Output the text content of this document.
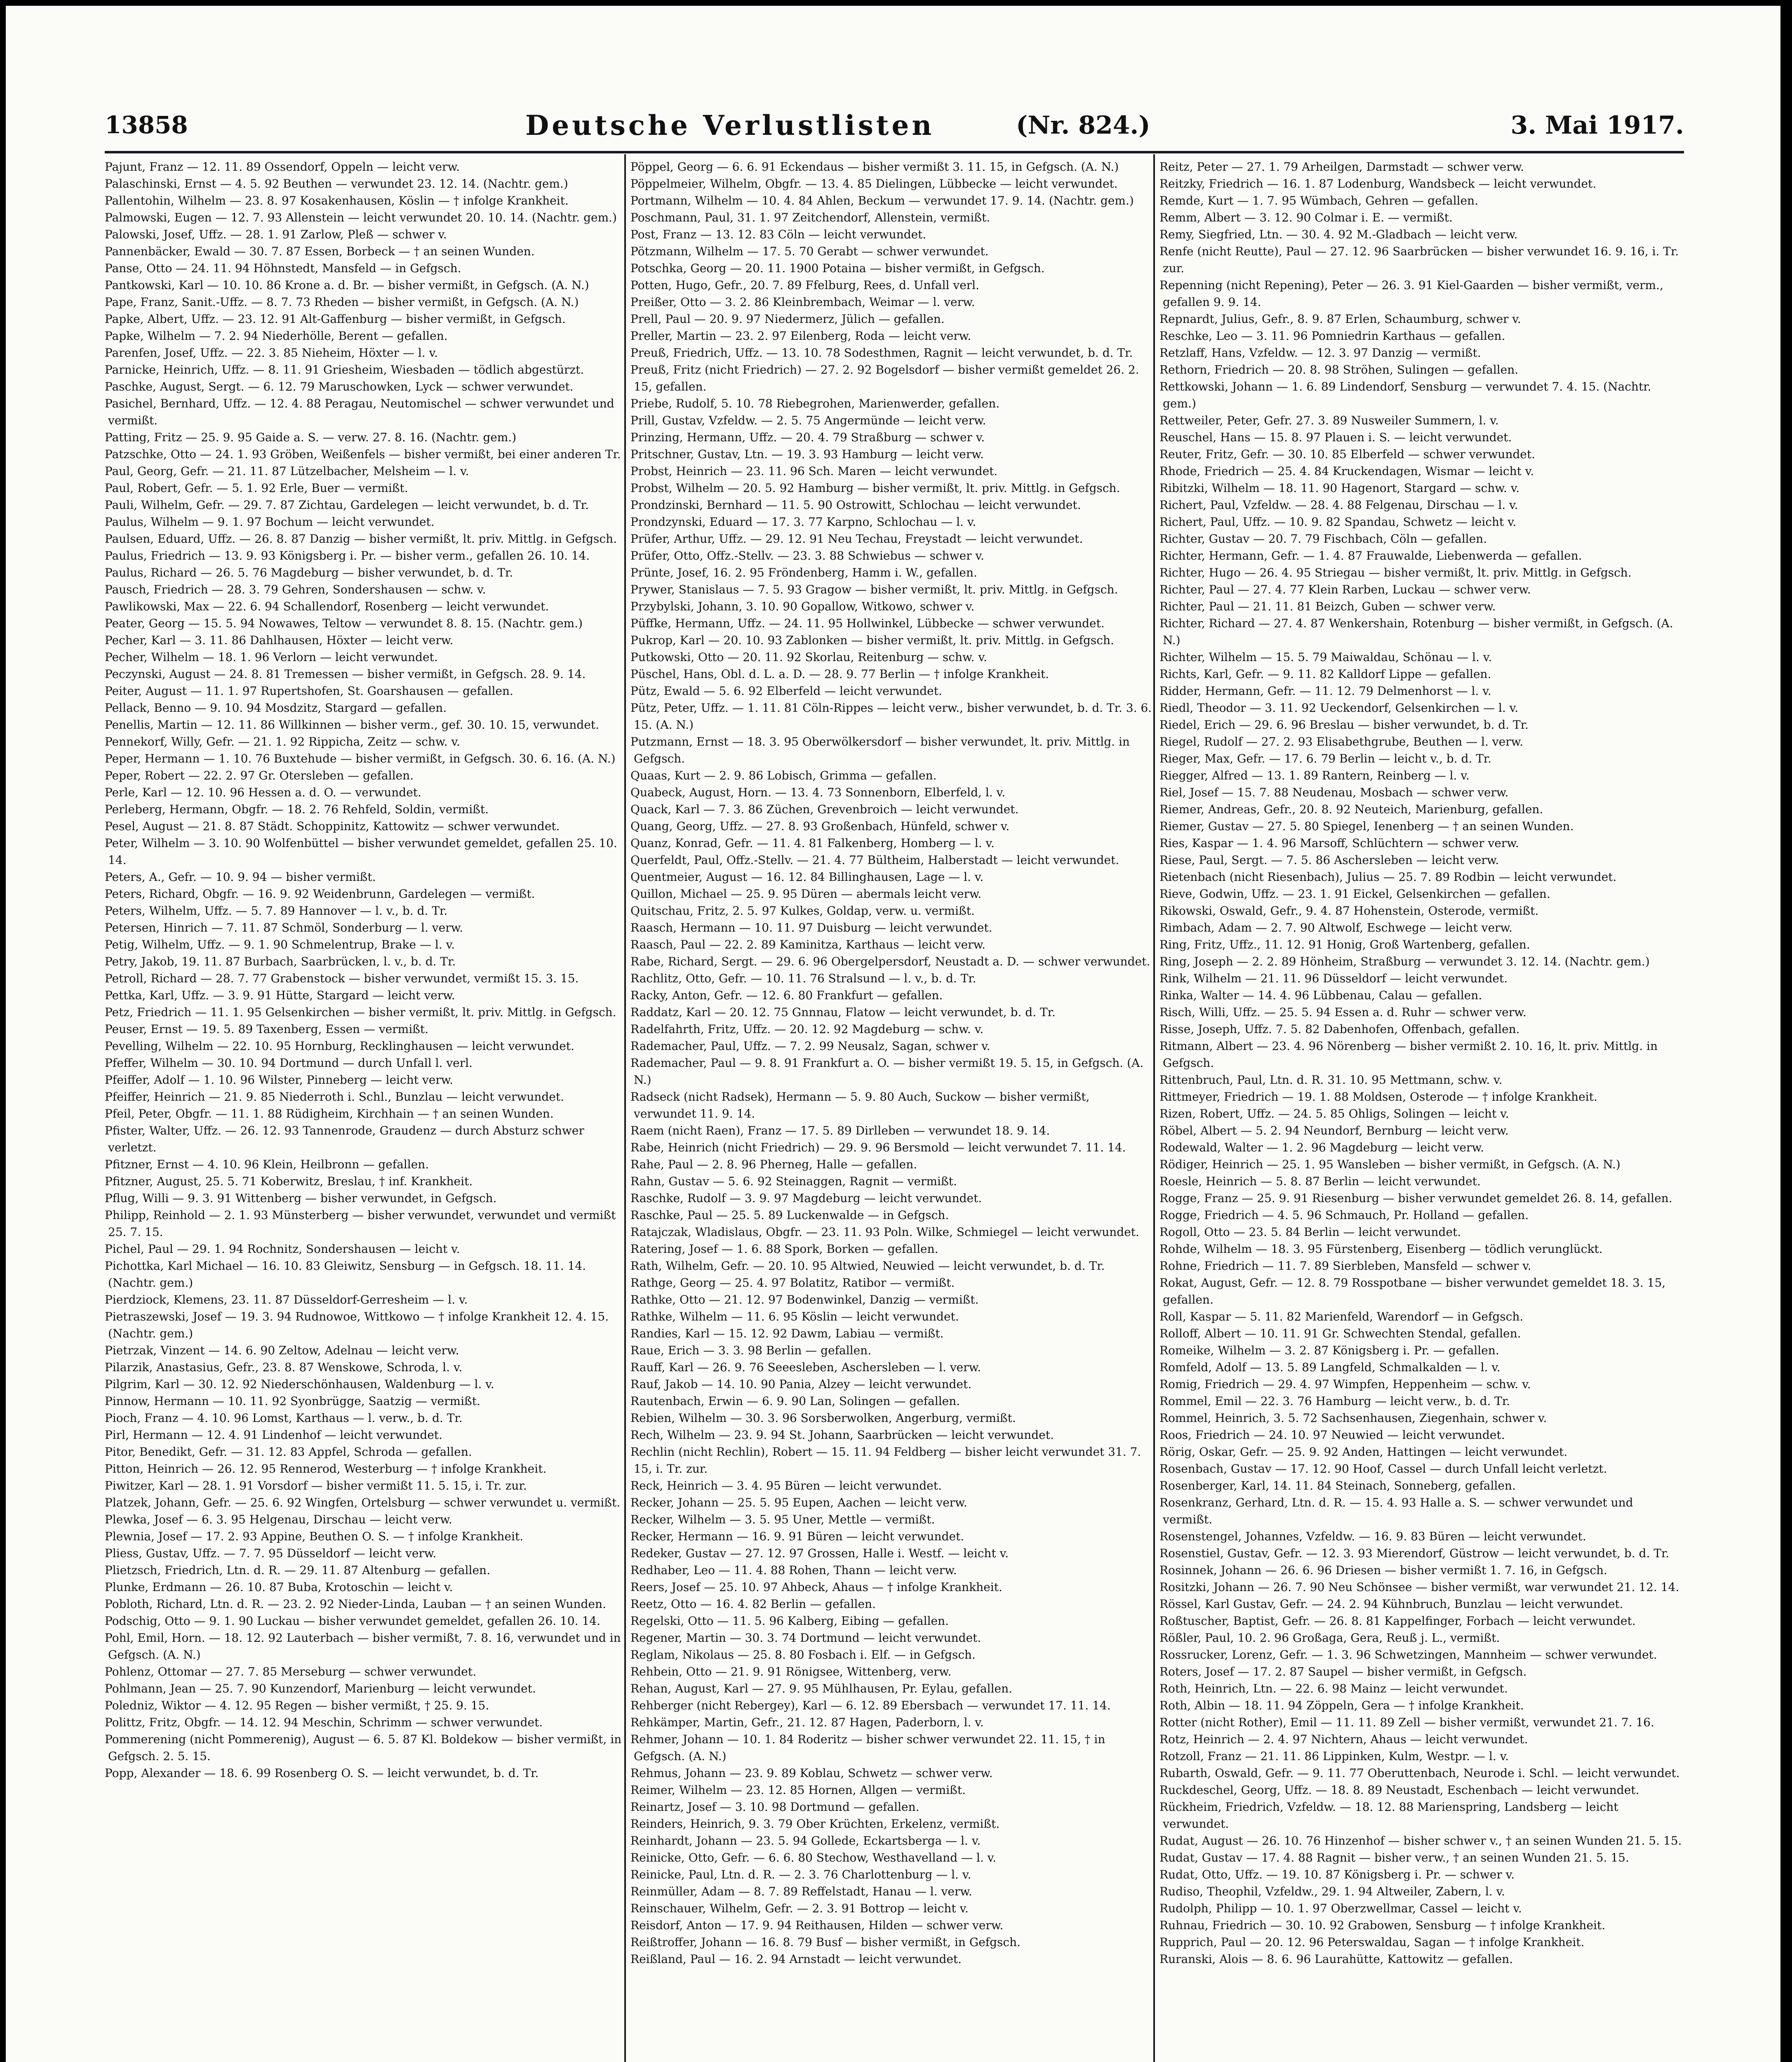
13858	Deutsche Verlustlisten	(Nr. 824.)	3. Mai 1917.

Pajunt, Franz — 12. 11. 89 Ossendorf, Oppeln — leicht verw.

Palaschinski, Ernst — 4. 5. 92 Beuthen — verwundet 23. 12. 14. (Nachtr. gem.)

Pallentohin, Wilhelm — 23. 8. 97 Kosakenhausen, Köslin — † infolge Krankheit.

Palmowski, Eugen — 12. 7. 93 Allenstein — leicht verwundet 20. 10. 14. (Nachtr. gem.)

Palowski, Josef, Uffz. — 28. 1. 91 Zarlow, Pleß — schwer v.

Pannenbäcker, Ewald — 30. 7. 87 Essen, Borbeck — † an seinen Wunden.

Panse, Otto — 24. 11. 94 Höhnstedt, Mansfeld — in Gefgsch.

Pantkowski, Karl — 10. 10. 86 Krone a. d. Br. — bisher vermißt, in Gefgsch. (A. N.)

Pape, Franz, Sanit.-Uffz. — 8. 7. 73 Rheden — bisher vermißt, in Gefgsch. (A. N.)

Papke, Albert, Uffz. — 23. 12. 91 Alt-Gaffenburg — bisher vermißt, in Gefgsch.

Papke, Wilhelm — 7. 2. 94 Niederhölle, Berent — gefallen.

Parenfen, Josef, Uffz. — 22. 3. 85 Nieheim, Höxter — l. v.

Parnicke, Heinrich, Uffz. — 8. 11. 91 Griesheim, Wiesbaden — tödlich abgestürzt.

Paschke, August, Sergt. — 6. 12. 79 Maruschowken, Lyck — schwer verwundet.

Pasichel, Bernhard, Uffz. — 12. 4. 88 Peragau, Neutomischel — schwer verwundet und vermißt.

Patting, Fritz — 25. 9. 95 Gaide a. S. — verw. 27. 8. 16. (Nachtr. gem.)

Patzschke, Otto — 24. 1. 93 Gröben, Weißenfels — bisher vermißt, bei einer anderen Tr.

Paul, Georg, Gefr. — 21. 11. 87 Lützelbacher, Melsheim — l. v.

Paul, Robert, Gefr. — 5. 1. 92 Erle, Buer — vermißt.

Pauli, Wilhelm, Gefr. — 29. 7. 87 Zichtau, Gardelegen — leicht verwundet, b. d. Tr.

Paulus, Wilhelm — 9. 1. 97 Bochum — leicht verwundet.

Paulsen, Eduard, Uffz. — 26. 8. 87 Danzig — bisher vermißt, lt. priv. Mittlg. in Gefgsch.

Paulus, Friedrich — 13. 9. 93 Königsberg i. Pr. — bisher verm., gefallen 26. 10. 14.

Paulus, Richard — 26. 5. 76 Magdeburg — bisher verwundet, b. d. Tr.

Pausch, Friedrich — 28. 3. 79 Gehren, Sondershausen — schw. v.

Pawlikowski, Max — 22. 6. 94 Schallendorf, Rosenberg — leicht verwundet.

Peater, Georg — 15. 5. 94 Nowawes, Teltow — verwundet 8. 8. 15. (Nachtr. gem.)

Pecher, Karl — 3. 11. 86 Dahlhausen, Höxter — leicht verw.

Pecher, Wilhelm — 18. 1. 96 Verlorn — leicht verwundet.

Peczynski, August — 24. 8. 81 Tremessen — bisher vermißt, in Gefgsch. 28. 9. 14.

Peiter, August — 11. 1. 97 Rupertshofen, St. Goarshausen — gefallen.

Pellack, Benno — 9. 10. 94 Mosdzitz, Stargard — gefallen.

Penellis, Martin — 12. 11. 86 Willkinnen — bisher verm., gef. 30. 10. 15, verwundet.

Pennekorf, Willy, Gefr. — 21. 1. 92 Rippicha, Zeitz — schw. v.

Peper, Hermann — 1. 10. 76 Buxtehude — bisher vermißt, in Gefgsch. 30. 6. 16. (A. N.)

Peper, Robert — 22. 2. 97 Gr. Otersleben — gefallen.

Perle, Karl — 12. 10. 96 Hessen a. d. O. — verwundet.

Perleberg, Hermann, Obgfr. — 18. 2. 76 Rehfeld, Soldin, vermißt.

Pesel, August — 21. 8. 87 Städt. Schoppinitz, Kattowitz — schwer verwundet.

Peter, Wilhelm — 3. 10. 90 Wolfenbüttel — bisher verwundet gemeldet, gefallen 25. 10. 14.

Peters, A., Gefr. — 10. 9. 94 — bisher vermißt.

Peters, Richard, Obgfr. — 16. 9. 92 Weidenbrunn, Gardelegen — vermißt.

Peters, Wilhelm, Uffz. — 5. 7. 89 Hannover — l. v., b. d. Tr.

Petersen, Hinrich — 7. 11. 87 Schmöl, Sonderburg — l. verw.

Petig, Wilhelm, Uffz. — 9. 1. 90 Schmelentrup, Brake — l. v.

Petry, Jakob, 19. 11. 87 Burbach, Saarbrücken, l. v., b. d. Tr.

Petroll, Richard — 28. 7. 77 Grabenstock — bisher verwundet, vermißt 15. 3. 15.

Pettka, Karl, Uffz. — 3. 9. 91 Hütte, Stargard — leicht verw.

Petz, Friedrich — 11. 1. 95 Gelsenkirchen — bisher vermißt, lt. priv. Mittlg. in Gefgsch.

Peuser, Ernst — 19. 5. 89 Taxenberg, Essen — vermißt.

Pevelling, Wilhelm — 22. 10. 95 Hornburg, Recklinghausen — leicht verwundet.

Pfeffer, Wilhelm — 30. 10. 94 Dortmund — durch Unfall l. verl.

Pfeiffer, Adolf — 1. 10. 96 Wilster, Pinneberg — leicht verw.

Pfeiffer, Heinrich — 21. 9. 85 Niederroth i. Schl., Bunzlau — leicht verwundet.

Pfeil, Peter, Obgfr. — 11. 1. 88 Rüdigheim, Kirchhain — † an seinen Wunden.

Pfister, Walter, Uffz. — 26. 12. 93 Tannenrode, Graudenz — durch Absturz schwer verletzt.

Pfitzner, Ernst — 4. 10. 96 Klein, Heilbronn — gefallen.

Pfitzner, August, 25. 5. 71 Koberwitz, Breslau, † inf. Krankheit.

Pflug, Willi — 9. 3. 91 Wittenberg — bisher verwundet, in Gefgsch.

Philipp, Reinhold — 2. 1. 93 Münsterberg — bisher verwundet, verwundet und vermißt 25. 7. 15.

Pichel, Paul — 29. 1. 94 Rochnitz, Sondershausen — leicht v.

Pichottka, Karl Michael — 16. 10. 83 Gleiwitz, Sensburg — in Gefgsch. 18. 11. 14. (Nachtr. gem.)

Pierdziock, Klemens, 23. 11. 87 Düsseldorf-Gerresheim — l. v.

Pietraszewski, Josef — 19. 3. 94 Rudnowoe, Wittkowo — † infolge Krankheit 12. 4. 15. (Nachtr. gem.)

Pietrzak, Vinzent — 14. 6. 90 Zeltow, Adelnau — leicht verw.

Pilarzik, Anastasius, Gefr., 23. 8. 87 Wenskowe, Schroda, l. v.

Pilgrim, Karl — 30. 12. 92 Niederschönhausen, Waldenburg — l. v.

Pinnow, Hermann — 10. 11. 92 Syonbrügge, Saatzig — vermißt.

Pioch, Franz — 4. 10. 96 Lomst, Karthaus — l. verw., b. d. Tr.

Pirl, Hermann — 12. 4. 91 Lindenhof — leicht verwundet.

Pitor, Benedikt, Gefr. — 31. 12. 83 Appfel, Schroda — gefallen.

Pitton, Heinrich — 26. 12. 95 Rennerod, Westerburg — † infolge Krankheit.

Piwitzer, Karl — 28. 1. 91 Vorsdorf — bisher vermißt 11. 5. 15, i. Tr. zur.

Platzek, Johann, Gefr. — 25. 6. 92 Wingfen, Ortelsburg — schwer verwundet u. vermißt.

Plewka, Josef — 6. 3. 95 Helgenau, Dirschau — leicht verw.

Plewnia, Josef — 17. 2. 93 Appine, Beuthen O. S. — † infolge Krankheit.

Pliess, Gustav, Uffz. — 7. 7. 95 Düsseldorf — leicht verw.

Plietzsch, Friedrich, Ltn. d. R. — 29. 11. 87 Altenburg — gefallen.

Plunke, Erdmann — 26. 10. 87 Buba, Krotoschin — leicht v.

Pobloth, Richard, Ltn. d. R. — 23. 2. 92 Nieder-Linda, Lauban — † an seinen Wunden.

Podschig, Otto — 9. 1. 90 Luckau — bisher verwundet gemeldet, gefallen 26. 10. 14.

Pohl, Emil, Horn. — 18. 12. 92 Lauterbach — bisher vermißt, 7. 8. 16, verwundet und in Gefgsch. (A. N.)

Pohlenz, Ottomar — 27. 7. 85 Merseburg — schwer verwundet.

Pohlmann, Jean — 25. 7. 90 Kunzendorf, Marienburg — leicht verwundet.

Poledniz, Wiktor — 4. 12. 95 Regen — bisher vermißt, † 25. 9. 15.

Polittz, Fritz, Obgfr. — 14. 12. 94 Meschin, Schrimm — schwer verwundet.

Pommerening (nicht Pommerenig), August — 6. 5. 87 Kl. Boldekow — bisher vermißt, in Gefgsch. 2. 5. 15.

Popp, Alexander — 18. 6. 99 Rosenberg O. S. — leicht verwundet, b. d. Tr.

Pöppel, Georg — 6. 6. 91 Eckendaus — bisher vermißt 3. 11. 15, in Gefgsch. (A. N.)

Pöppelmeier, Wilhelm, Obgfr. — 13. 4. 85 Dielingen, Lübbecke — leicht verwundet.

Portmann, Wilhelm — 10. 4. 84 Ahlen, Beckum — verwundet 17. 9. 14. (Nachtr. gem.)

Poschmann, Paul, 31. 1. 97 Zeitchendorf, Allenstein, vermißt.

Post, Franz — 13. 12. 83 Cöln — leicht verwundet.

Pötzmann, Wilhelm — 17. 5. 70 Gerabt — schwer verwundet.

Potschka, Georg — 20. 11. 1900 Potaina — bisher vermißt, in Gefgsch.

Potten, Hugo, Gefr., 20. 7. 89 Ffelburg, Rees, d. Unfall verl.

Preißer, Otto — 3. 2. 86 Kleinbrembach, Weimar — l. verw.

Prell, Paul — 20. 9. 97 Niedermerz, Jülich — gefallen.

Preller, Martin — 23. 2. 97 Eilenberg, Roda — leicht verw.

Preuß, Friedrich, Uffz. — 13. 10. 78 Sodesthmen, Ragnit — leicht verwundet, b. d. Tr.

Preuß, Fritz (nicht Friedrich) — 27. 2. 92 Bogelsdorf — bisher vermißt gemeldet 26. 2. 15, gefallen.

Priebe, Rudolf, 5. 10. 78 Riebegrohen, Marienwerder, gefallen.

Prill, Gustav, Vzfeldw. — 2. 5. 75 Angermünde — leicht verw.

Prinzing, Hermann, Uffz. — 20. 4. 79 Straßburg — schwer v.

Pritschner, Gustav, Ltn. — 19. 3. 93 Hamburg — leicht verw.

Probst, Heinrich — 23. 11. 96 Sch. Maren — leicht verwundet.

Probst, Wilhelm — 20. 5. 92 Hamburg — bisher vermißt, lt. priv. Mittlg. in Gefgsch.

Prondzinski, Bernhard — 11. 5. 90 Ostrowitt, Schlochau — leicht verwundet.

Prondzynski, Eduard — 17. 3. 77 Karpno, Schlochau — l. v.

Prüfer, Arthur, Uffz. — 29. 12. 91 Neu Techau, Freystadt — leicht verwundet.

Prüfer, Otto, Offz.-Stellv. — 23. 3. 88 Schwiebus — schwer v.

Prünte, Josef, 16. 2. 95 Fröndenberg, Hamm i. W., gefallen.

Prywer, Stanislaus — 7. 5. 93 Gragow — bisher vermißt, lt. priv. Mittlg. in Gefgsch.

Przybylski, Johann, 3. 10. 90 Gopallow, Witkowo, schwer v.

Püffke, Hermann, Uffz. — 24. 11. 95 Hollwinkel, Lübbecke — schwer verwundet.

Pukrop, Karl — 20. 10. 93 Zablonken — bisher vermißt, lt. priv. Mittlg. in Gefgsch.

Putkowski, Otto — 20. 11. 92 Skorlau, Reitenburg — schw. v.

Püschel, Hans, Obl. d. L. a. D. — 28. 9. 77 Berlin — † infolge Krankheit.

Pütz, Ewald — 5. 6. 92 Elberfeld — leicht verwundet.

Pütz, Peter, Uffz. — 1. 11. 81 Cöln-Rippes — leicht verw., bisher verwundet, b. d. Tr. 3. 6. 15. (A. N.)

Putzmann, Ernst — 18. 3. 95 Oberwölkersdorf — bisher verwundet, lt. priv. Mittlg. in Gefgsch.

Quaas, Kurt — 2. 9. 86 Lobisch, Grimma — gefallen.

Quabeck, August, Horn. — 13. 4. 73 Sonnenborn, Elberfeld, l. v.

Quack, Karl — 7. 3. 86 Züchen, Grevenbroich — leicht verwundet.

Quang, Georg, Uffz. — 27. 8. 93 Großenbach, Hünfeld, schwer v.

Quanz, Konrad, Gefr. — 11. 4. 81 Falkenberg, Homberg — l. v.

Querfeldt, Paul, Offz.-Stellv. — 21. 4. 77 Bültheim, Halberstadt — leicht verwundet.

Quentmeier, August — 16. 12. 84 Billinghausen, Lage — l. v.

Quillon, Michael — 25. 9. 95 Düren — abermals leicht verw.

Quitschau, Fritz, 2. 5. 97 Kulkes, Goldap, verw. u. vermißt.

Raasch, Hermann — 10. 11. 97 Duisburg — leicht verwundet.

Raasch, Paul — 22. 2. 89 Kaminitza, Karthaus — leicht verw.

Rabe, Richard, Sergt. — 29. 6. 96 Obergelpersdorf, Neustadt a. D. — schwer verwundet.

Rachlitz, Otto, Gefr. — 10. 11. 76 Stralsund — l. v., b. d. Tr.

Racky, Anton, Gefr. — 12. 6. 80 Frankfurt — gefallen.

Raddatz, Karl — 20. 12. 75 Gnnnau, Flatow — leicht verwundet, b. d. Tr.

Radelfahrth, Fritz, Uffz. — 20. 12. 92 Magdeburg — schw. v.

Rademacher, Paul, Uffz. — 7. 2. 99 Neusalz, Sagan, schwer v.

Rademacher, Paul — 9. 8. 91 Frankfurt a. O. — bisher vermißt 19. 5. 15, in Gefgsch. (A. N.)

Radseck (nicht Radsek), Hermann — 5. 9. 80 Auch, Suckow — bisher vermißt, verwundet 11. 9. 14.

Raem (nicht Raen), Franz — 17. 5. 89 Dirlleben — verwundet 18. 9. 14.

Rabe, Heinrich (nicht Friedrich) — 29. 9. 96 Bersmold — leicht verwundet 7. 11. 14.

Rahe, Paul — 2. 8. 96 Pherneg, Halle — gefallen.

Rahn, Gustav — 5. 6. 92 Steinaggen, Ragnit — vermißt.

Raschke, Rudolf — 3. 9. 97 Magdeburg — leicht verwundet.

Raschke, Paul — 25. 5. 89 Luckenwalde — in Gefgsch.

Ratajczak, Wladislaus, Obgfr. — 23. 11. 93 Poln. Wilke, Schmiegel — leicht verwundet.

Ratering, Josef — 1. 6. 88 Spork, Borken — gefallen.

Rath, Wilhelm, Gefr. — 20. 10. 95 Altwied, Neuwied — leicht verwundet, b. d. Tr.

Rathge, Georg — 25. 4. 97 Bolatitz, Ratibor — vermißt.

Rathke, Otto — 21. 12. 97 Bodenwinkel, Danzig — vermißt.

Rathke, Wilhelm — 11. 6. 95 Köslin — leicht verwundet.

Randies, Karl — 15. 12. 92 Dawm, Labiau — vermißt.

Raue, Erich — 3. 3. 98 Berlin — gefallen.

Rauff, Karl — 26. 9. 76 Seeesleben, Aschersleben — l. verw.

Rauf, Jakob — 14. 10. 90 Pania, Alzey — leicht verwundet.

Rautenbach, Erwin — 6. 9. 90 Lan, Solingen — gefallen.

Rebien, Wilhelm — 30. 3. 96 Sorsberwolken, Angerburg, vermißt.

Rech, Wilhelm — 23. 9. 94 St. Johann, Saarbrücken — leicht verwundet.

Rechlin (nicht Rechlin), Robert — 15. 11. 94 Feldberg — bisher leicht verwundet 31. 7. 15, i. Tr. zur.

Reck, Heinrich — 3. 4. 95 Büren — leicht verwundet.

Recker, Johann — 25. 5. 95 Eupen, Aachen — leicht verw.

Recker, Wilhelm — 3. 5. 95 Uner, Mettle — vermißt.

Recker, Hermann — 16. 9. 91 Büren — leicht verwundet.

Redeker, Gustav — 27. 12. 97 Grossen, Halle i. Westf. — leicht v.

Redhaber, Leo — 11. 4. 88 Rohen, Thann — leicht verw.

Reers, Josef — 25. 10. 97 Ahbeck, Ahaus — † infolge Krankheit.

Reetz, Otto — 16. 4. 82 Berlin — gefallen.

Regelski, Otto — 11. 5. 96 Kalberg, Eibing — gefallen.

Regener, Martin — 30. 3. 74 Dortmund — leicht verwundet.

Reglam, Nikolaus — 25. 8. 80 Fosbach i. Elf. — in Gefgsch.

Rehbein, Otto — 21. 9. 91 Rönigsee, Wittenberg, verw.

Rehan, August, Karl — 27. 9. 95 Mühlhausen, Pr. Eylau, gefallen.

Rehberger (nicht Rebergey), Karl — 6. 12. 89 Ebersbach — verwundet 17. 11. 14.

Rehkämper, Martin, Gefr., 21. 12. 87 Hagen, Paderborn, l. v.

Rehmer, Johann — 10. 1. 84 Roderitz — bisher schwer verwundet 22. 11. 15, † in Gefgsch. (A. N.)

Rehmus, Johann — 23. 9. 89 Koblau, Schwetz — schwer verw.

Reimer, Wilhelm — 23. 12. 85 Hornen, Allgen — vermißt.

Reinartz, Josef — 3. 10. 98 Dortmund — gefallen.

Reinders, Heinrich, 9. 3. 79 Ober Krüchten, Erkelenz, vermißt.

Reinhardt, Johann — 23. 5. 94 Gollede, Eckartsberga — l. v.

Reinicke, Otto, Gefr. — 6. 6. 80 Stechow, Westhavelland — l. v.

Reinicke, Paul, Ltn. d. R. — 2. 3. 76 Charlottenburg — l. v.

Reinmüller, Adam — 8. 7. 89 Reffelstadt, Hanau — l. verw.

Reinschauer, Wilhelm, Gefr. — 2. 3. 91 Bottrop — leicht v.

Reisdorf, Anton — 17. 9. 94 Reithausen, Hilden — schwer verw.

Reißtroffer, Johann — 16. 8. 79 Busf — bisher vermißt, in Gefgsch.

Reißland, Paul — 16. 2. 94 Arnstadt — leicht verwundet.

Reitz, Peter — 27. 1. 79 Arheilgen, Darmstadt — schwer verw.

Reitzky, Friedrich — 16. 1. 87 Lodenburg, Wandsbeck — leicht verwundet.

Remde, Kurt — 1. 7. 95 Wümbach, Gehren — gefallen.

Remm, Albert — 3. 12. 90 Colmar i. E. — vermißt.

Remy, Siegfried, Ltn. — 30. 4. 92 M.-Gladbach — leicht verw.

Renfe (nicht Reutte), Paul — 27. 12. 96 Saarbrücken — bisher verwundet 16. 9. 16, i. Tr. zur.

Repenning (nicht Repening), Peter — 26. 3. 91 Kiel-Gaarden — bisher vermißt, verm., gefallen 9. 9. 14.

Repnardt, Julius, Gefr., 8. 9. 87 Erlen, Schaumburg, schwer v.

Reschke, Leo — 3. 11. 96 Pomniedrin Karthaus — gefallen.

Retzlaff, Hans, Vzfeldw. — 12. 3. 97 Danzig — vermißt.

Rethorn, Friedrich — 20. 8. 98 Ströhen, Sulingen — gefallen.

Rettkowski, Johann — 1. 6. 89 Lindendorf, Sensburg — verwundet 7. 4. 15. (Nachtr. gem.)

Rettweiler, Peter, Gefr. 27. 3. 89 Nusweiler Summern, l. v.

Reuschel, Hans — 15. 8. 97 Plauen i. S. — leicht verwundet.

Reuter, Fritz, Gefr. — 30. 10. 85 Elberfeld — schwer verwundet.

Rhode, Friedrich — 25. 4. 84 Kruckendagen, Wismar — leicht v.

Ribitzki, Wilhelm — 18. 11. 90 Hagenort, Stargard — schw. v.

Richert, Paul, Vzfeldw. — 28. 4. 88 Felgenau, Dirschau — l. v.

Richert, Paul, Uffz. — 10. 9. 82 Spandau, Schwetz — leicht v.

Richter, Gustav — 20. 7. 79 Fischbach, Cöln — gefallen.

Richter, Hermann, Gefr. — 1. 4. 87 Frauwalde, Liebenwerda — gefallen.

Richter, Hugo — 26. 4. 95 Striegau — bisher vermißt, lt. priv. Mittlg. in Gefgsch.

Richter, Paul — 27. 4. 77 Klein Rarben, Luckau — schwer verw.

Richter, Paul — 21. 11. 81 Beizch, Guben — schwer verw.

Richter, Richard — 27. 4. 87 Wenkershain, Rotenburg — bisher vermißt, in Gefgsch. (A. N.)

Richter, Wilhelm — 15. 5. 79 Maiwaldau, Schönau — l. v.

Richts, Karl, Gefr. — 9. 11. 82 Kalldorf Lippe — gefallen.

Ridder, Hermann, Gefr. — 11. 12. 79 Delmenhorst — l. v.

Riedl, Theodor — 3. 11. 92 Ueckendorf, Gelsenkirchen — l. v.

Riedel, Erich — 29. 6. 96 Breslau — bisher verwundet, b. d. Tr.

Riegel, Rudolf — 27. 2. 93 Elisabethgrube, Beuthen — l. verw.

Rieger, Max, Gefr. — 17. 6. 79 Berlin — leicht v., b. d. Tr.

Riegger, Alfred — 13. 1. 89 Rantern, Reinberg — l. v.

Riel, Josef — 15. 7. 88 Neudenau, Mosbach — schwer verw.

Riemer, Andreas, Gefr., 20. 8. 92 Neuteich, Marienburg, gefallen.

Riemer, Gustav — 27. 5. 80 Spiegel, Ienenberg — † an seinen Wunden.

Ries, Kaspar — 1. 4. 96 Marsoff, Schlüchtern — schwer verw.

Riese, Paul, Sergt. — 7. 5. 86 Aschersleben — leicht verw.

Rietenbach (nicht Riesenbach), Julius — 25. 7. 89 Rodbin — leicht verwundet.

Rieve, Godwin, Uffz. — 23. 1. 91 Eickel, Gelsenkirchen — gefallen.

Rikowski, Oswald, Gefr., 9. 4. 87 Hohenstein, Osterode, vermißt.

Rimbach, Adam — 2. 7. 90 Altwolf, Eschwege — leicht verw.

Ring, Fritz, Uffz., 11. 12. 91 Honig, Groß Wartenberg, gefallen.

Ring, Joseph — 2. 2. 89 Hönheim, Straßburg — verwundet 3. 12. 14. (Nachtr. gem.)

Rink, Wilhelm — 21. 11. 96 Düsseldorf — leicht verwundet.

Rinka, Walter — 14. 4. 96 Lübbenau, Calau — gefallen.

Risch, Willi, Uffz. — 25. 5. 94 Essen a. d. Ruhr — schwer verw.

Risse, Joseph, Uffz. 7. 5. 82 Dabenhofen, Offenbach, gefallen.

Ritmann, Albert — 23. 4. 96 Nörenberg — bisher vermißt 2. 10. 16, lt. priv. Mittlg. in Gefgsch.

Rittenbruch, Paul, Ltn. d. R. 31. 10. 95 Mettmann, schw. v.

Rittmeyer, Friedrich — 19. 1. 88 Moldsen, Osterode — † infolge Krankheit.

Rizen, Robert, Uffz. — 24. 5. 85 Ohligs, Solingen — leicht v.

Röbel, Albert — 5. 2. 94 Neundorf, Bernburg — leicht verw.

Rodewald, Walter — 1. 2. 96 Magdeburg — leicht verw.

Rödiger, Heinrich — 25. 1. 95 Wansleben — bisher vermißt, in Gefgsch. (A. N.)

Roesle, Heinrich — 5. 8. 87 Berlin — leicht verwundet.

Rogge, Franz — 25. 9. 91 Riesenburg — bisher verwundet gemeldet 26. 8. 14, gefallen.

Rogge, Friedrich — 4. 5. 96 Schmauch, Pr. Holland — gefallen.

Rogoll, Otto — 23. 5. 84 Berlin — leicht verwundet.

Rohde, Wilhelm — 18. 3. 95 Fürstenberg, Eisenberg — tödlich verunglückt.

Rohne, Friedrich — 11. 7. 89 Sierbleben, Mansfeld — schwer v.

Rokat, August, Gefr. — 12. 8. 79 Rosspotbane — bisher verwundet gemeldet 18. 3. 15, gefallen.

Roll, Kaspar — 5. 11. 82 Marienfeld, Warendorf — in Gefgsch.

Rolloff, Albert — 10. 11. 91 Gr. Schwechten Stendal, gefallen.

Romeike, Wilhelm — 3. 2. 87 Königsberg i. Pr. — gefallen.

Romfeld, Adolf — 13. 5. 89 Langfeld, Schmalkalden — l. v.

Romig, Friedrich — 29. 4. 97 Wimpfen, Heppenheim — schw. v.

Rommel, Emil — 22. 3. 76 Hamburg — leicht verw., b. d. Tr.

Rommel, Heinrich, 3. 5. 72 Sachsenhausen, Ziegenhain, schwer v.

Roos, Friedrich — 24. 10. 97 Neuwied — leicht verwundet.

Rörig, Oskar, Gefr. — 25. 9. 92 Anden, Hattingen — leicht verwundet.

Rosenbach, Gustav — 17. 12. 90 Hoof, Cassel — durch Unfall leicht verletzt.

Rosenberger, Karl, 14. 11. 84 Steinach, Sonneberg, gefallen.

Rosenkranz, Gerhard, Ltn. d. R. — 15. 4. 93 Halle a. S. — schwer verwundet und vermißt.

Rosenstengel, Johannes, Vzfeldw. — 16. 9. 83 Büren — leicht verwundet.

Rosenstiel, Gustav, Gefr. — 12. 3. 93 Mierendorf, Güstrow — leicht verwundet, b. d. Tr.

Rosinnek, Johann — 26. 6. 96 Driesen — bisher vermißt 1. 7. 16, in Gefgsch.

Rositzki, Johann — 26. 7. 90 Neu Schönsee — bisher vermißt, war verwundet 21. 12. 14.

Rössel, Karl Gustav, Gefr. — 24. 2. 94 Kühnbruch, Bunzlau — leicht verwundet.

Roßtuscher, Baptist, Gefr. — 26. 8. 81 Kappelfinger, Forbach — leicht verwundet.

Rößler, Paul, 10. 2. 96 Großaga, Gera, Reuß j. L., vermißt.

Rossrucker, Lorenz, Gefr. — 1. 3. 96 Schwetzingen, Mannheim — schwer verwundet.

Roters, Josef — 17. 2. 87 Saupel — bisher vermißt, in Gefgsch.

Roth, Heinrich, Ltn. — 22. 6. 98 Mainz — leicht verwundet.

Roth, Albin — 18. 11. 94 Zöppeln, Gera — † infolge Krankheit.

Rotter (nicht Rother), Emil — 11. 11. 89 Zell — bisher vermißt, verwundet 21. 7. 16.

Rotz, Heinrich — 2. 4. 97 Nichtern, Ahaus — leicht verwundet.

Rotzoll, Franz — 21. 11. 86 Lippinken, Kulm, Westpr. — l. v.

Rubarth, Oswald, Gefr. — 9. 11. 77 Oberuttenbach, Neurode i. Schl. — leicht verwundet.

Ruckdeschel, Georg, Uffz. — 18. 8. 89 Neustadt, Eschenbach — leicht verwundet.

Rückheim, Friedrich, Vzfeldw. — 18. 12. 88 Marienspring, Landsberg — leicht verwundet.

Rudat, August — 26. 10. 76 Hinzenhof — bisher schwer v., † an seinen Wunden 21. 5. 15.

Rudat, Gustav — 17. 4. 88 Ragnit — bisher verw., † an seinen Wunden 21. 5. 15.

Rudat, Otto, Uffz. — 19. 10. 87 Königsberg i. Pr. — schwer v.

Rudiso, Theophil, Vzfeldw., 29. 1. 94 Altweiler, Zabern, l. v.

Rudolph, Philipp — 10. 1. 97 Oberzwellmar, Cassel — leicht v.

Ruhnau, Friedrich — 30. 10. 92 Grabowen, Sensburg — † infolge Krankheit.

Rupprich, Paul — 20. 12. 96 Peterswaldau, Sagan — † infolge Krankheit.

Ruranski, Alois — 8. 6. 96 Laurahütte, Kattowitz — gefallen.
